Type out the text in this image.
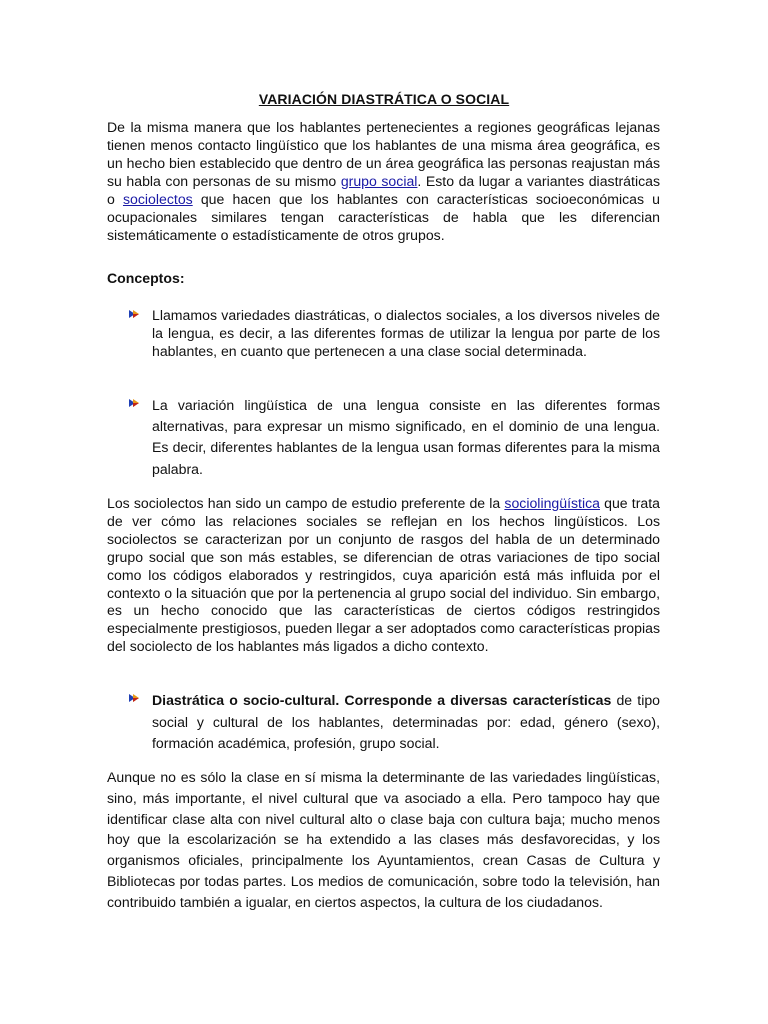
VARIACIÓN DIASTRÁTICA O SOCIAL

De la misma manera que los hablantes pertenecientes a regiones geográficas lejanas tienen menos contacto lingüístico que los hablantes de una misma área geográfica, es un hecho bien establecido que dentro de un área geográfica las personas reajustan más su habla con personas de su mismo grupo social. Esto da lugar a variantes diastráticas o sociolectos que hacen que los hablantes con características socioeconómicas u ocupacionales similares tengan características de habla que les diferencian sistemáticamente o estadísticamente de otros grupos.

Conceptos:
Llamamos variedades diastráticas, o dialectos sociales, a los diversos niveles de la lengua, es decir, a las diferentes formas de utilizar la lengua por parte de los hablantes, en cuanto que pertenecen a una clase social determinada.
La variación lingüística de una lengua consiste en las diferentes formas alternativas, para expresar un mismo significado, en el dominio de una lengua. Es decir, diferentes hablantes de la lengua usan formas diferentes para la misma palabra.

Los sociolectos han sido un campo de estudio preferente de la sociolingüística que trata de ver cómo las relaciones sociales se reflejan en los hechos lingüísticos. Los sociolectos se caracterizan por un conjunto de rasgos del habla de un determinado grupo social que son más estables, se diferencian de otras variaciones de tipo social como los códigos elaborados y restringidos, cuya aparición está más influida por el contexto o la situación que por la pertenencia al grupo social del individuo. Sin embargo, es un hecho conocido que las características de ciertos códigos restringidos especialmente prestigiosos, pueden llegar a ser adoptados como características propias del sociolecto de los hablantes más ligados a dicho contexto.

Diastrática o socio-cultural. Corresponde a diversas características de tipo social y cultural de los hablantes, determinadas por: edad, género (sexo), formación académica, profesión, grupo social.

Aunque no es sólo la clase en sí misma la determinante de las variedades lingüísticas, sino, más importante, el nivel cultural que va asociado a ella. Pero tampoco hay que identificar clase alta con nivel cultural alto o clase baja con cultura baja; mucho menos hoy que la escolarización se ha extendido a las clases más desfavorecidas, y los organismos oficiales, principalmente los Ayuntamientos, crean Casas de Cultura y Bibliotecas por todas partes. Los medios de comunicación, sobre todo la televisión, han contribuido también a igualar, en ciertos aspectos, la cultura de los ciudadanos.
